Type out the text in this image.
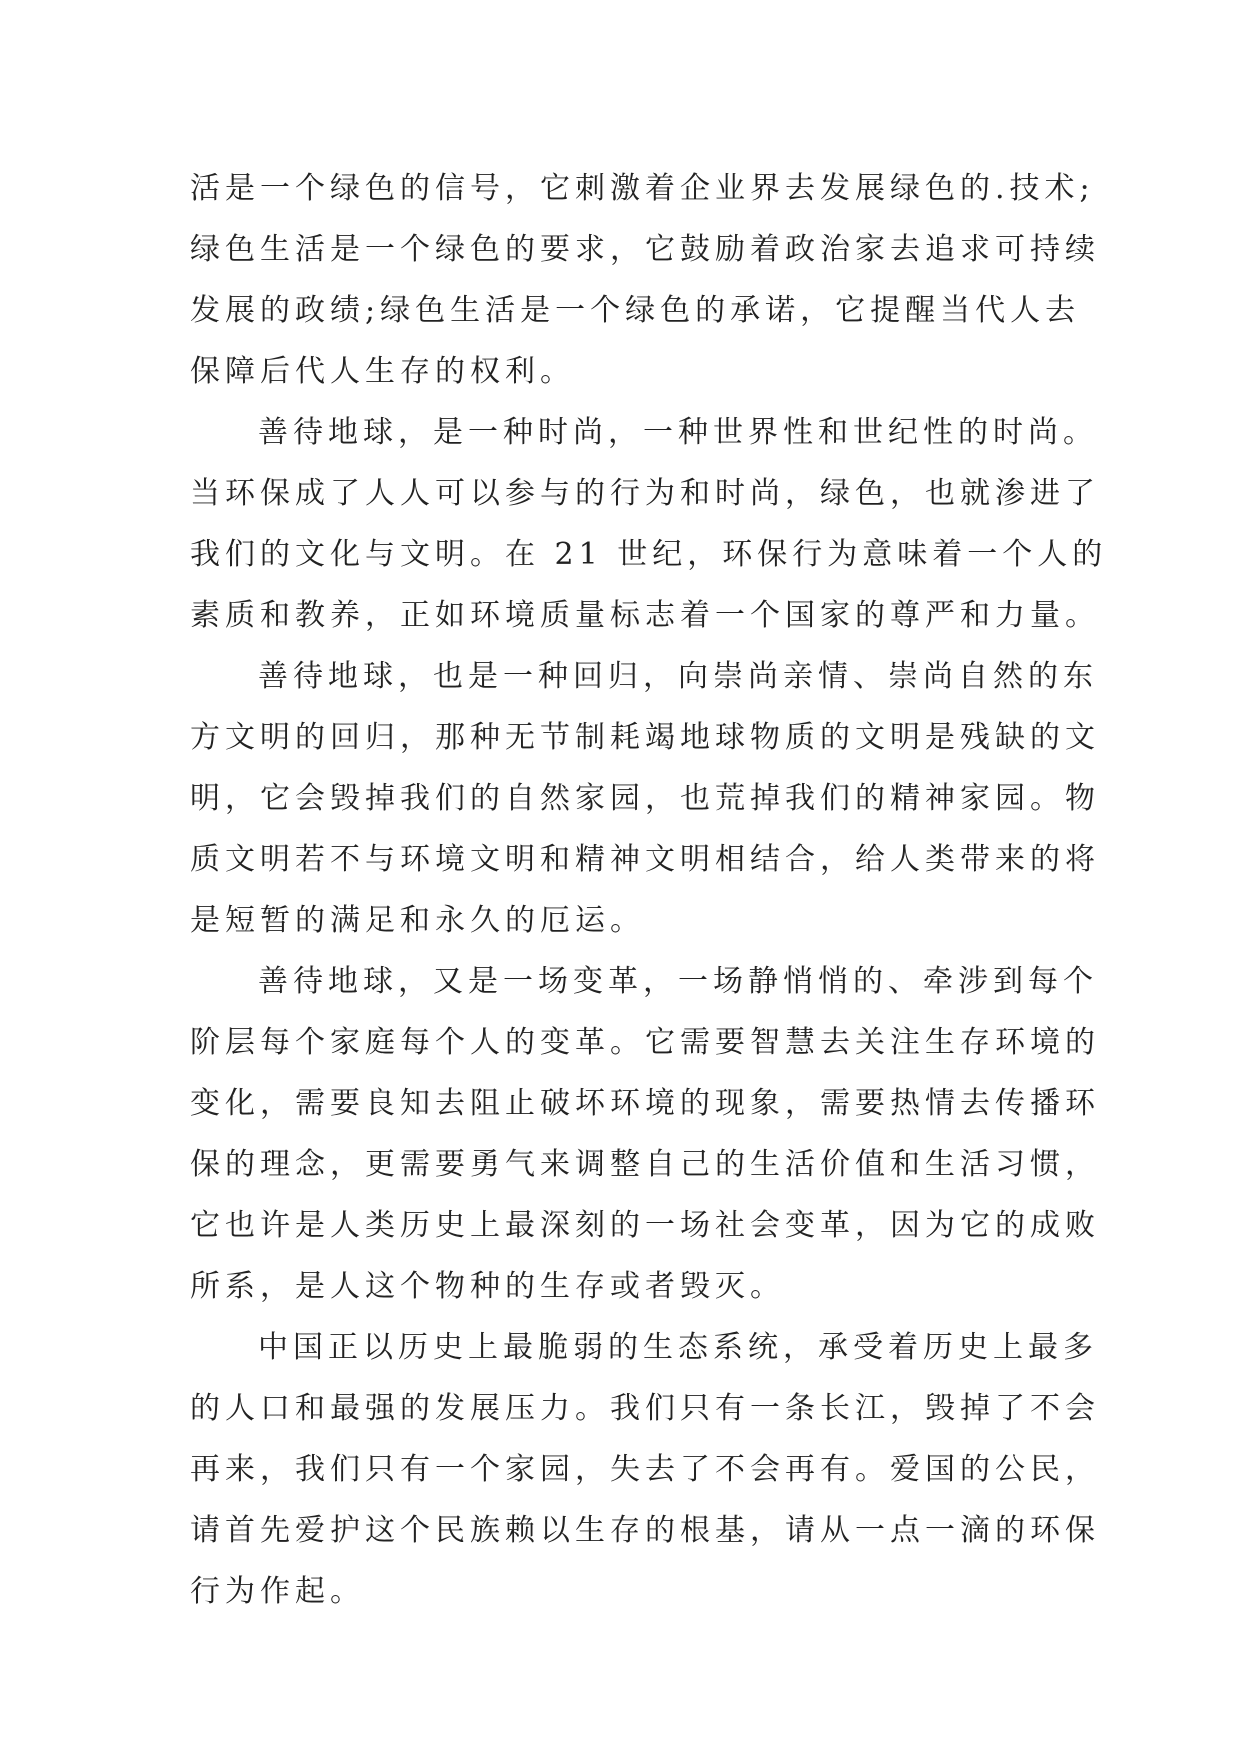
活是一个绿色的信号，它刺激着企业界去发展绿色的.技术;
绿色生活是一个绿色的要求，它鼓励着政治家去追求可持续
发展的政绩;绿色生活是一个绿色的承诺，它提醒当代人去
保障后代人生存的权利。
善待地球，是一种时尚，一种世界性和世纪性的时尚。
当环保成了人人可以参与的行为和时尚，绿色，也就渗进了
我们的文化与文明。在 21 世纪，环保行为意味着一个人的
素质和教养，正如环境质量标志着一个国家的尊严和力量。
善待地球，也是一种回归，向崇尚亲情、崇尚自然的东
方文明的回归，那种无节制耗竭地球物质的文明是残缺的文
明，它会毁掉我们的自然家园，也荒掉我们的精神家园。物
质文明若不与环境文明和精神文明相结合，给人类带来的将
是短暂的满足和永久的厄运。
善待地球，又是一场变革，一场静悄悄的、牵涉到每个
阶层每个家庭每个人的变革。它需要智慧去关注生存环境的
变化，需要良知去阻止破坏环境的现象，需要热情去传播环
保的理念，更需要勇气来调整自己的生活价值和生活习惯，
它也许是人类历史上最深刻的一场社会变革，因为它的成败
所系，是人这个物种的生存或者毁灭。
中国正以历史上最脆弱的生态系统，承受着历史上最多
的人口和最强的发展压力。我们只有一条长江，毁掉了不会
再来，我们只有一个家园，失去了不会再有。爱国的公民，
请首先爱护这个民族赖以生存的根基，请从一点一滴的环保
行为作起。
